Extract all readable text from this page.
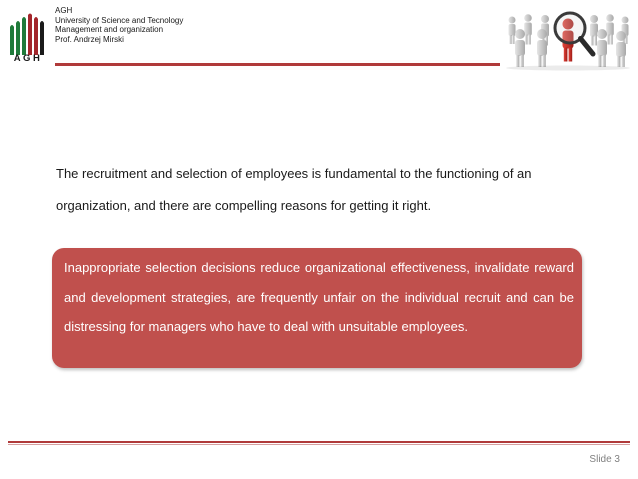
AGH
AGH
University of Science and Tecnology
Management and organization
Prof. Andrzej Mirski
The recruitment and selection of employees is fundamental to the functioning of an organization, and there are compelling reasons for getting it right.
Inappropriate selection decisions reduce organizational effectiveness, invalidate reward and development strategies, are frequently unfair on the individual recruit and can be distressing for managers who have to deal with unsuitable employees.
Slide 3
